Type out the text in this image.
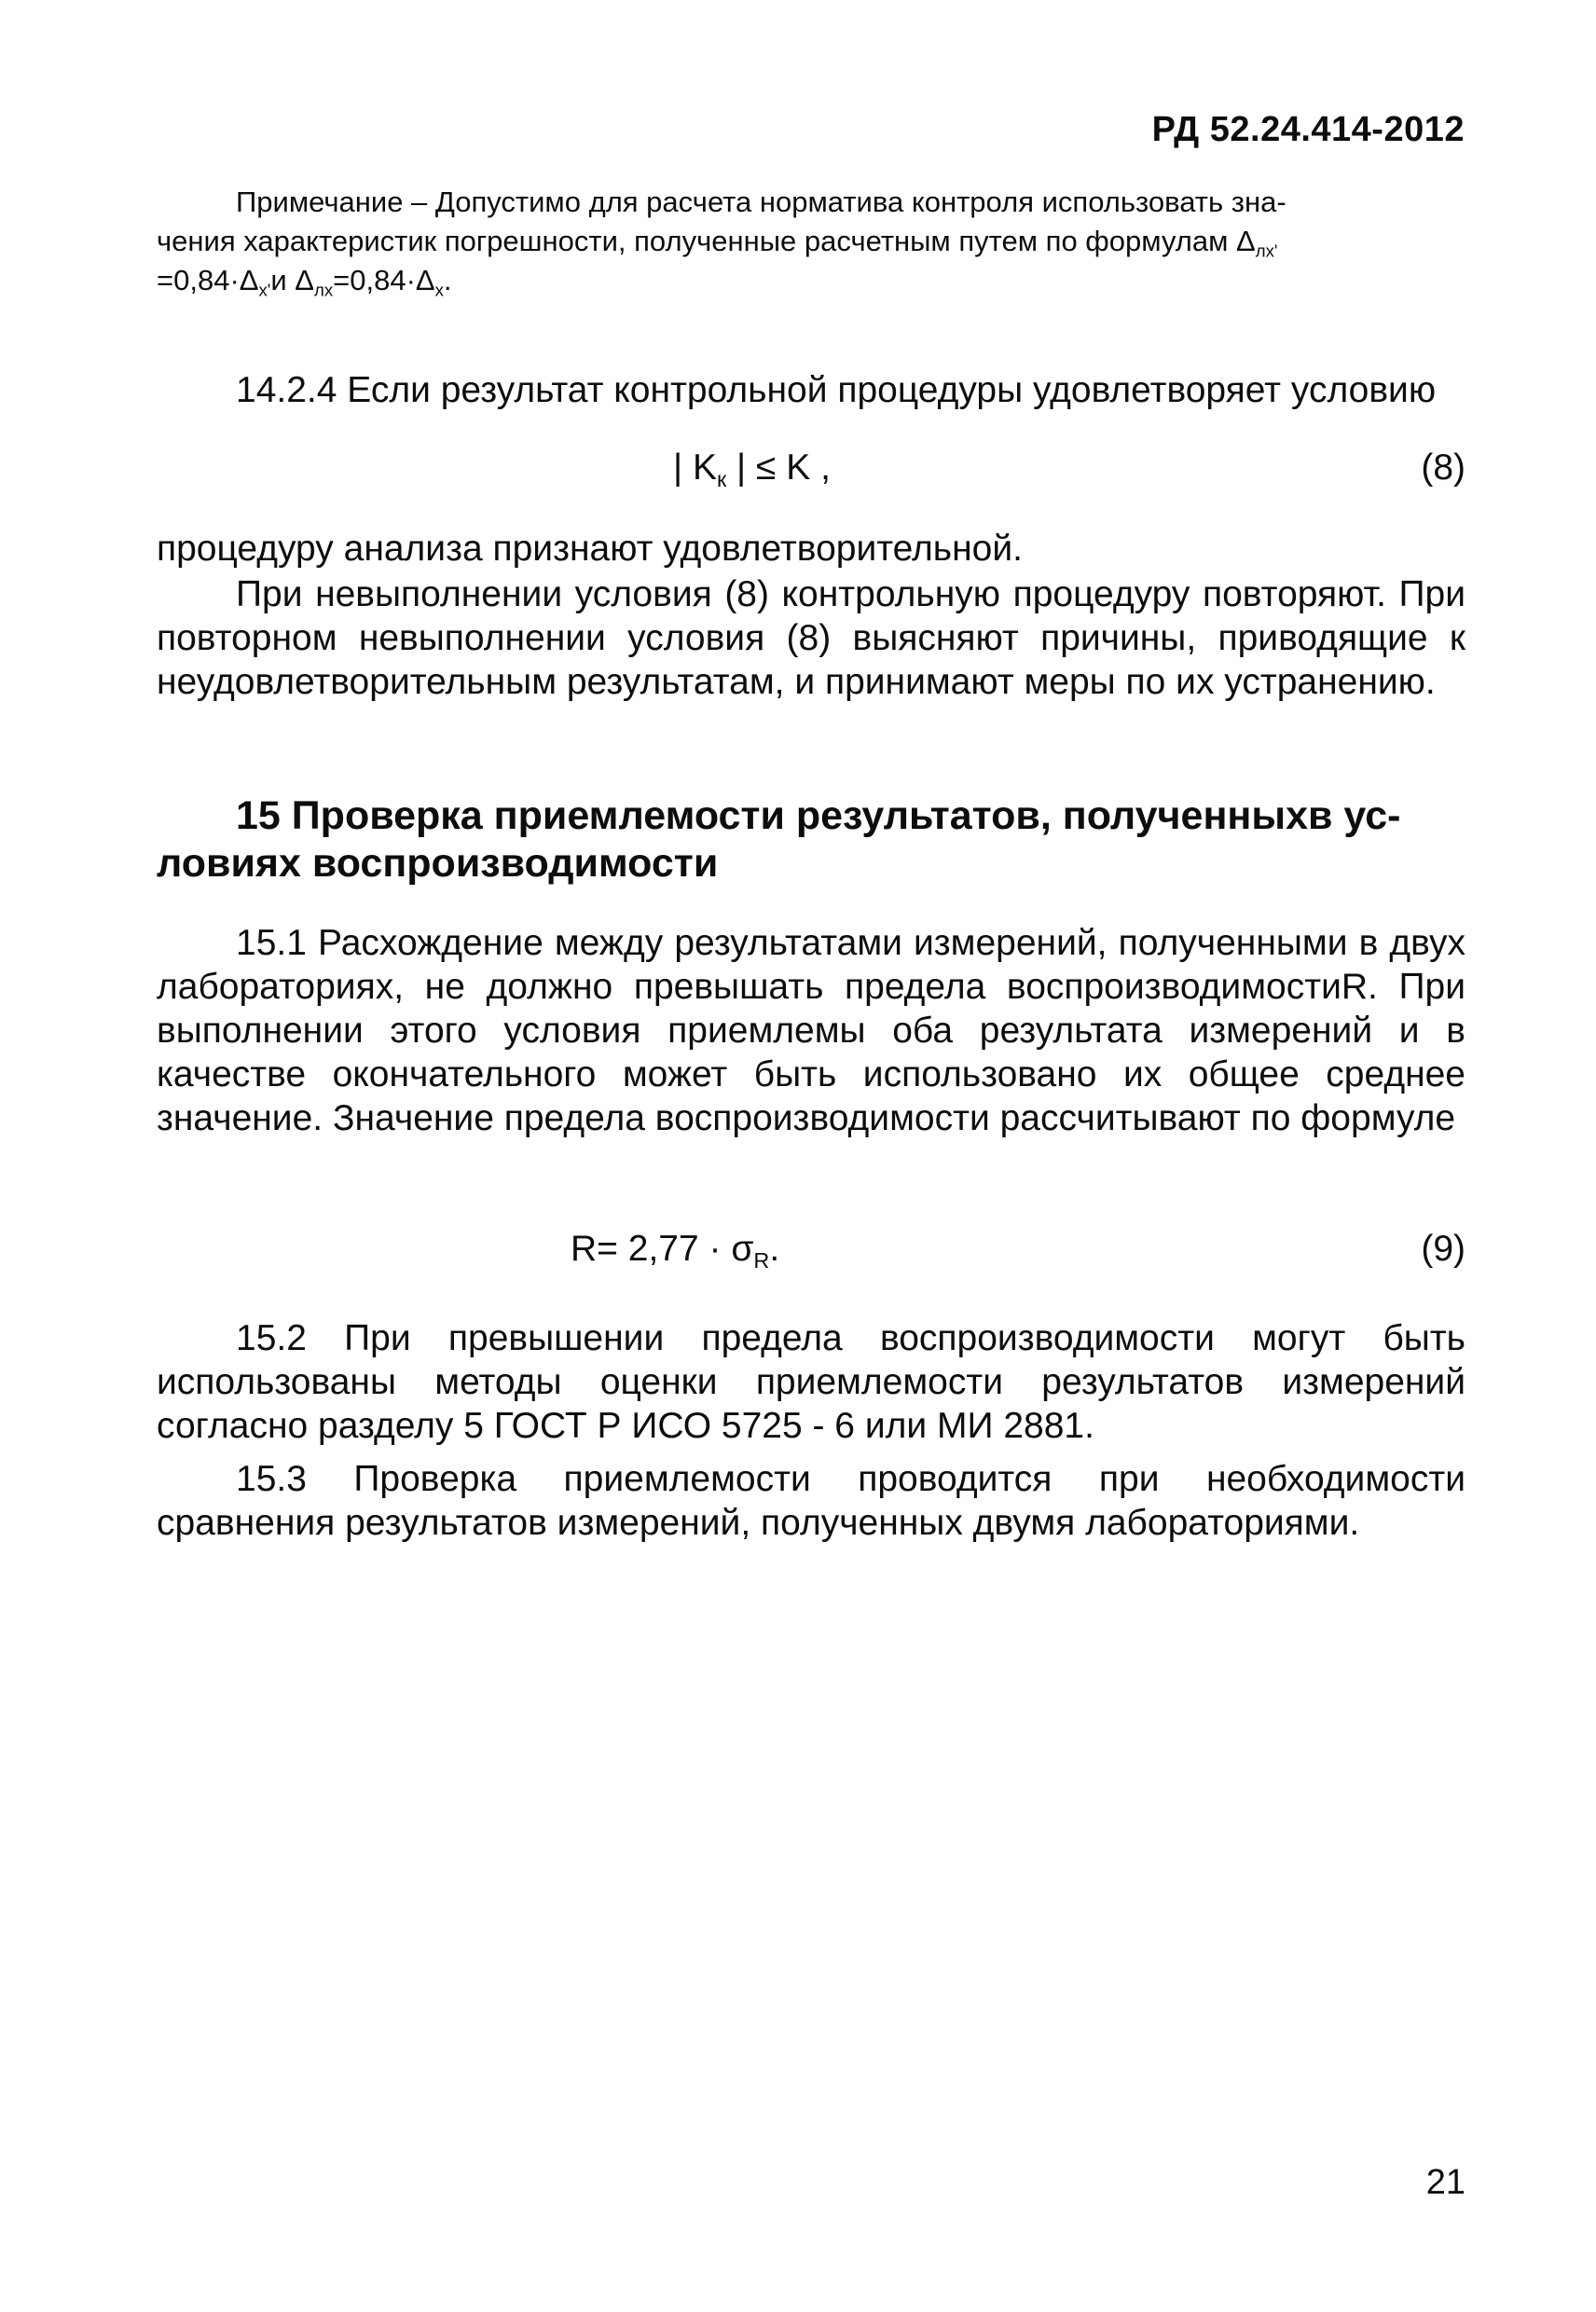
РД 52.24.414-2012
Примечание – Допустимо для расчета норматива контроля использовать зна-
чения характеристик погрешности, полученные расчетным путем по формулам $\Delta_{лх'}$
$=0,84\cdot\Delta_{х'}и$ $\Delta_{лх}=0,84\cdot\Delta_х$.
14.2.4 Если результат контрольной процедуры удовлетворяет условию
| $K_к$ | ≤ K ,	(8)
процедуру анализа признают удовлетворительной.
При невыполнении условия (8) контрольную процедуру повторяют. При повторном невыполнении условия (8) выясняют причины, приводящие к неудовлетворительным результатам, и принимают меры по их устранению.
15 Проверка приемлемости результатов, полученныхв ус-
ловиях воспроизводимости
15.1 Расхождение между результатами измерений, полученными в двух лабораториях, не должно превышать предела воспроизводимостиR. При выполнении этого условия приемлемы оба результата измерений и в качестве окончательного может быть использовано их общее среднее значение. Значение предела воспроизводимости рассчитывают по формуле
$R= 2,77 \cdot \sigma_R$.	(9)
15.2 При превышении предела воспроизводимости могут быть использованы методы оценки приемлемости результатов измерений согласно разделу 5 ГОСТ Р ИСО 5725 - 6 или МИ 2881.
15.3 Проверка приемлемости проводится при необходимости сравнения результатов измерений, полученных двумя лабораториями.
21
